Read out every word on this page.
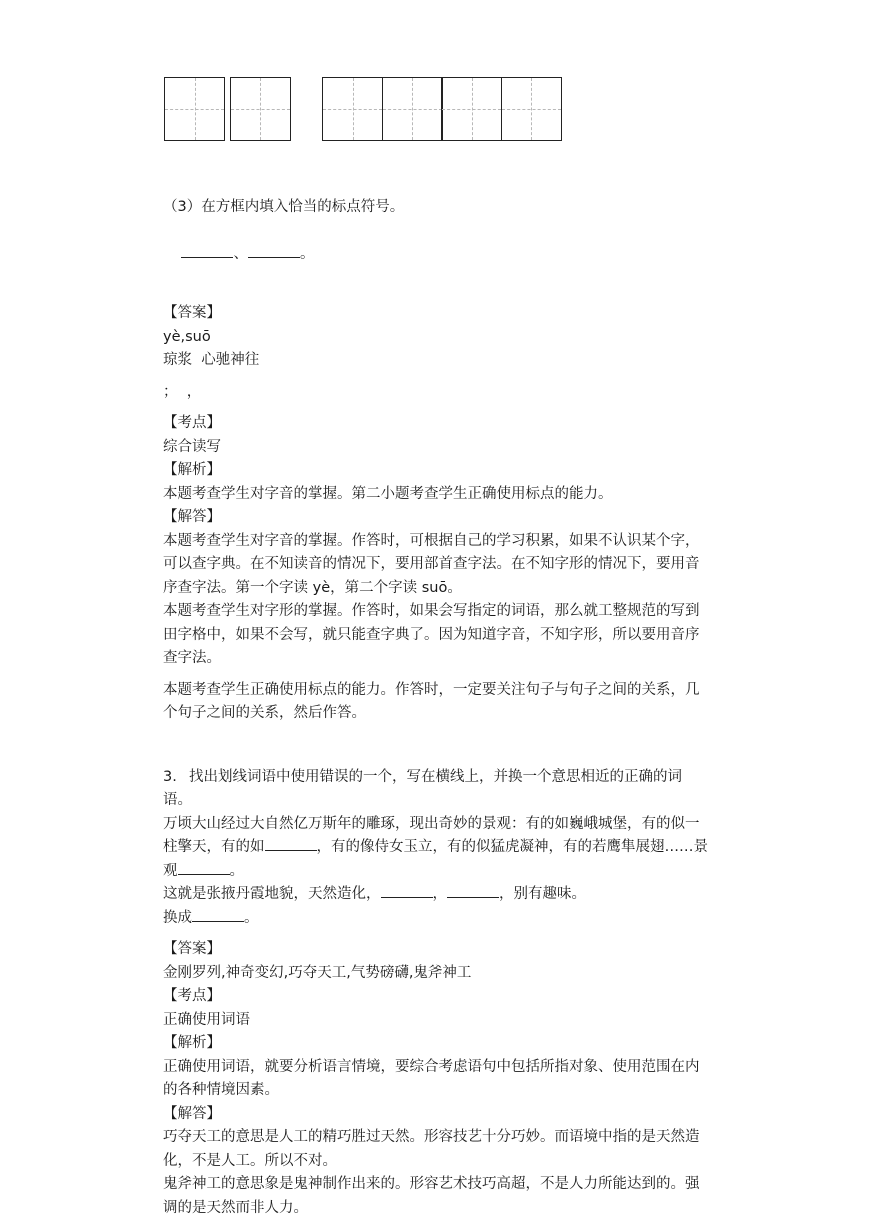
（3）在方框内填入恰当的标点符号。

、	。

【答案】

yè,suō

琼浆  心驰神往

；  ，

【考点】

综合读写

【解析】

本题考查学生对字音的掌握。第二小题考查学生正确使用标点的能力。

【解答】

本题考查学生对字音的掌握。作答时，可根据自己的学习积累，如果不认识某个字，

可以查字典。在不知读音的情况下，要用部首查字法。在不知字形的情况下，要用音

序查字法。第一个字读 yè，第二个字读 suō。

本题考查学生对字形的掌握。作答时，如果会写指定的词语，那么就工整规范的写到

田字格中，如果不会写，就只能查字典了。因为知道字音，不知字形，所以要用音序

查字法。

本题考查学生正确使用标点的能力。作答时，一定要关注句子与句子之间的关系，几

个句子之间的关系，然后作答。

3. 找出划线词语中使用错误的一个，写在横线上，并换一个意思相近的正确的词

语。

万顷大山经过大自然亿万斯年的雕琢，现出奇妙的景观：有的如巍峨城堡，有的似一

柱擎天，有的如	，有的像侍女玉立，有的似猛虎凝神，有的若鹰隼展翅……景

观	。

这就是张掖丹霞地貌，天然造化，	，	，别有趣味。

换成	。

【答案】

金刚罗列,神奇变幻,巧夺天工,气势磅礴,鬼斧神工

【考点】

正确使用词语

【解析】

正确使用词语，就要分析语言情境，要综合考虑语句中包括所指对象、使用范围在内

的各种情境因素。

【解答】

巧夺天工的意思是人工的精巧胜过天然。形容技艺十分巧妙。而语境中指的是天然造

化，不是人工。所以不对。

鬼斧神工的意思象是鬼神制作出来的。形容艺术技巧高超，不是人力所能达到的。强

调的是天然而非人力。
